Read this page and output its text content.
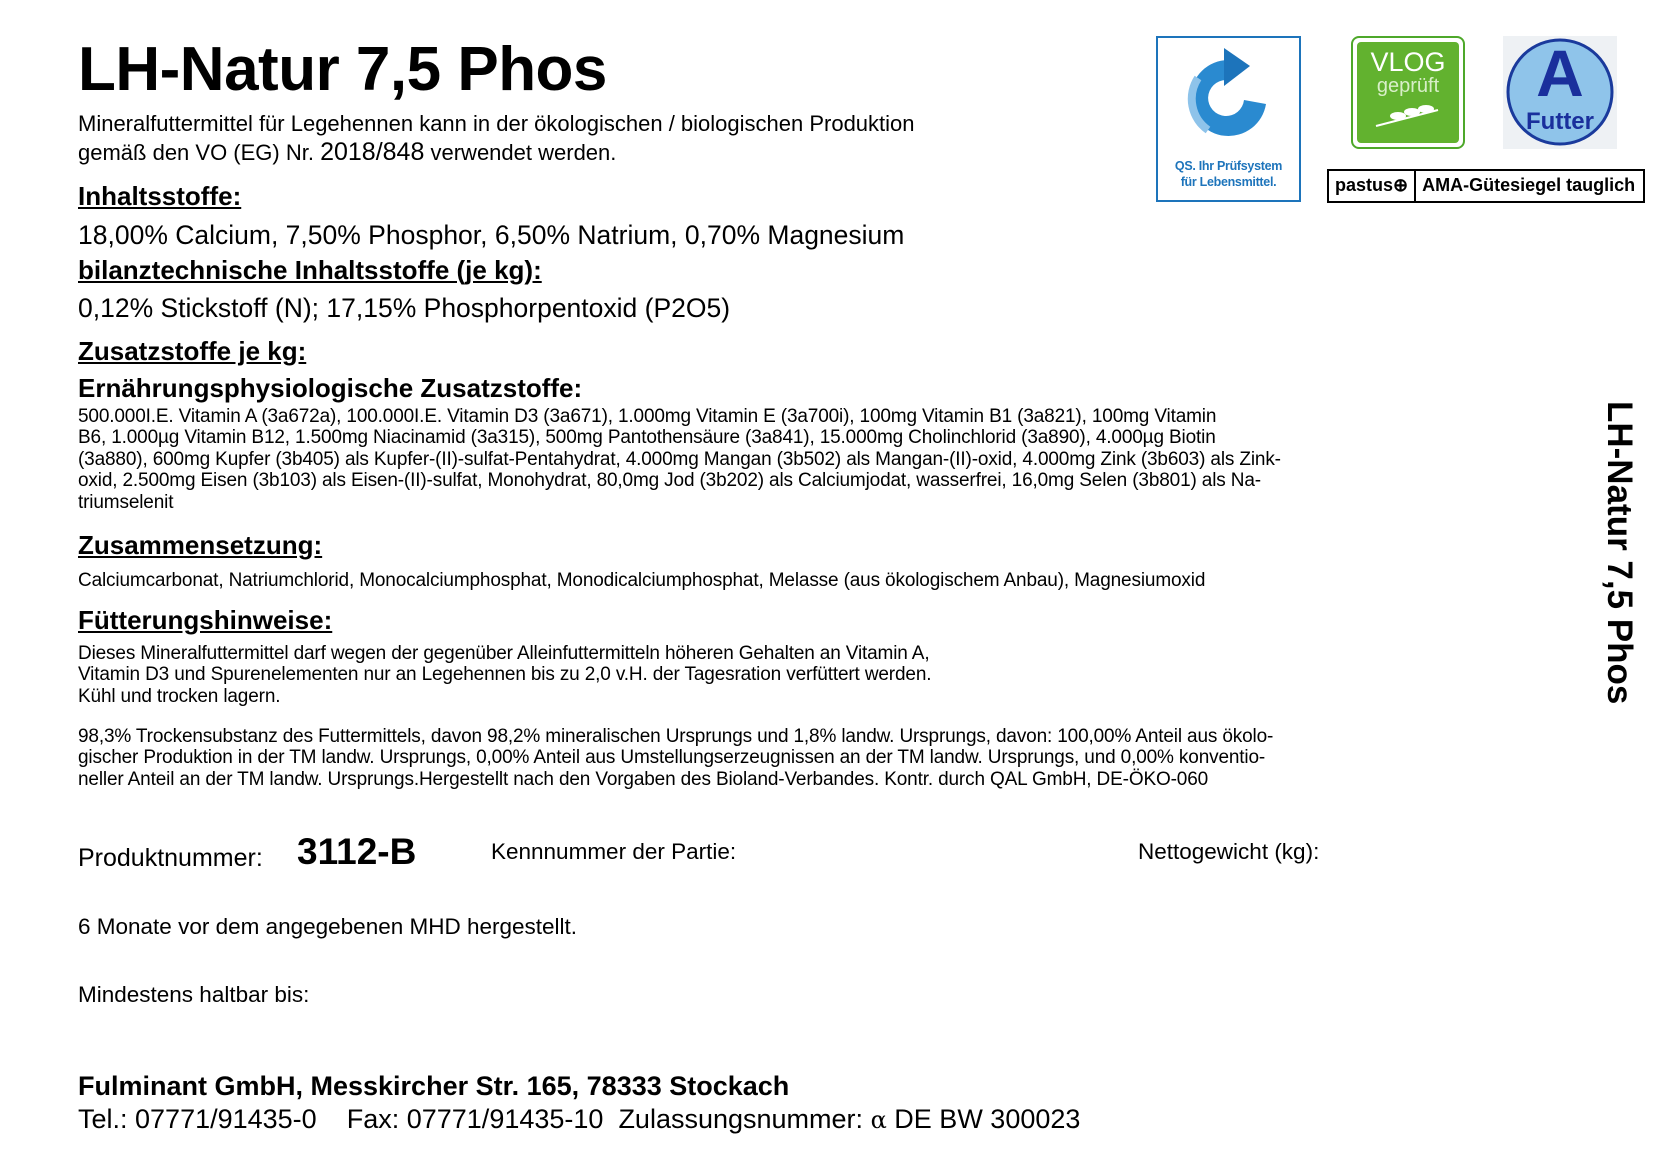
LH-Natur 7,5 Phos
Mineralfuttermittel für Legehennen kann in der ökologischen / biologischen Produktion
gemäß den VO (EG) Nr. 2018/848 verwendet werden.
QS. Ihr Prüfsystem
für Lebensmittel.
VLOG
geprüft	A
Futter
pastus⊕ AMA-Gütesiegel tauglich
LH-Natur 7,5 Phos
Inhaltsstoffe:
18,00% Calcium, 7,50% Phosphor, 6,50% Natrium, 0,70% Magnesium
bilanztechnische Inhaltsstoffe (je kg):
0,12% Stickstoff (N); 17,15% Phosphorpentoxid (P2O5)
Zusatzstoffe je kg:
Ernährungsphysiologische Zusatzstoffe:
500.000I.E. Vitamin A (3a672a), 100.000I.E. Vitamin D3 (3a671), 1.000mg Vitamin E (3a700i), 100mg Vitamin B1 (3a821), 100mg Vitamin
B6, 1.000µg Vitamin B12, 1.500mg Niacinamid (3a315), 500mg Pantothensäure (3a841), 15.000mg Cholinchlorid (3a890), 4.000µg Biotin
(3a880), 600mg Kupfer (3b405) als Kupfer-(II)-sulfat-Pentahydrat, 4.000mg Mangan (3b502) als Mangan-(II)-oxid, 4.000mg Zink (3b603) als Zink-
oxid, 2.500mg Eisen (3b103) als Eisen-(II)-sulfat, Monohydrat, 80,0mg Jod (3b202) als Calciumjodat, wasserfrei, 16,0mg Selen (3b801) als Na-
triumselenit
Zusammensetzung:
Calciumcarbonat, Natriumchlorid, Monocalciumphosphat, Monodicalciumphosphat, Melasse (aus ökologischem Anbau), Magnesiumoxid
Fütterungshinweise:
Dieses Mineralfuttermittel darf wegen der gegenüber Alleinfuttermitteln höheren Gehalten an Vitamin A,
Vitamin D3 und Spurenelementen nur an Legehennen bis zu 2,0 v.H. der Tagesration verfüttert werden.
Kühl und trocken lagern.
98,3% Trockensubstanz des Futtermittels, davon 98,2% mineralischen Ursprungs und 1,8% landw. Ursprungs, davon: 100,00% Anteil aus ökolo-
gischer Produktion in der TM landw. Ursprungs, 0,00% Anteil aus Umstellungserzeugnissen an der TM landw. Ursprungs, und 0,00% konventio-
neller Anteil an der TM landw. Ursprungs.Hergestellt nach den Vorgaben des Bioland-Verbandes. Kontr. durch QAL GmbH, DE-ÖKO-060
Produktnummer: 3112-B	Kennnummer der Partie:	Nettogewicht (kg):
6 Monate vor dem angegebenen MHD hergestellt.
Mindestens haltbar bis:
Fulminant GmbH, Messkircher Str. 165, 78333 Stockach
Tel.: 07771/91435-0 Fax: 07771/91435-10 Zulassungsnummer: α DE BW 300023
